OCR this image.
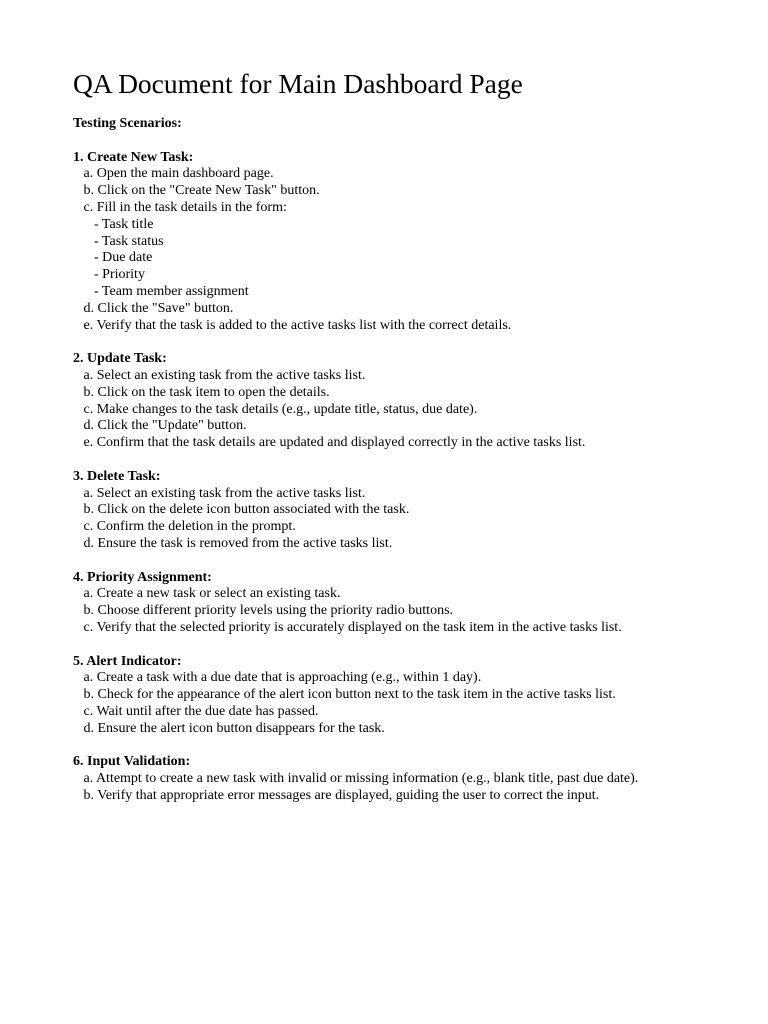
QA Document for Main Dashboard Page
Testing Scenarios:
1. Create New Task:
a. Open the main dashboard page.
b. Click on the "Create New Task" button.
c. Fill in the task details in the form:
- Task title
- Task status
- Due date
- Priority
- Team member assignment
d. Click the "Save" button.
e. Verify that the task is added to the active tasks list with the correct details.
2. Update Task:
a. Select an existing task from the active tasks list.
b. Click on the task item to open the details.
c. Make changes to the task details (e.g., update title, status, due date).
d. Click the "Update" button.
e. Confirm that the task details are updated and displayed correctly in the active tasks list.
3. Delete Task:
a. Select an existing task from the active tasks list.
b. Click on the delete icon button associated with the task.
c. Confirm the deletion in the prompt.
d. Ensure the task is removed from the active tasks list.
4. Priority Assignment:
a. Create a new task or select an existing task.
b. Choose different priority levels using the priority radio buttons.
c. Verify that the selected priority is accurately displayed on the task item in the active tasks list.
5. Alert Indicator:
a. Create a task with a due date that is approaching (e.g., within 1 day).
b. Check for the appearance of the alert icon button next to the task item in the active tasks list.
c. Wait until after the due date has passed.
d. Ensure the alert icon button disappears for the task.
6. Input Validation:
a. Attempt to create a new task with invalid or missing information (e.g., blank title, past due date).
b. Verify that appropriate error messages are displayed, guiding the user to correct the input.
